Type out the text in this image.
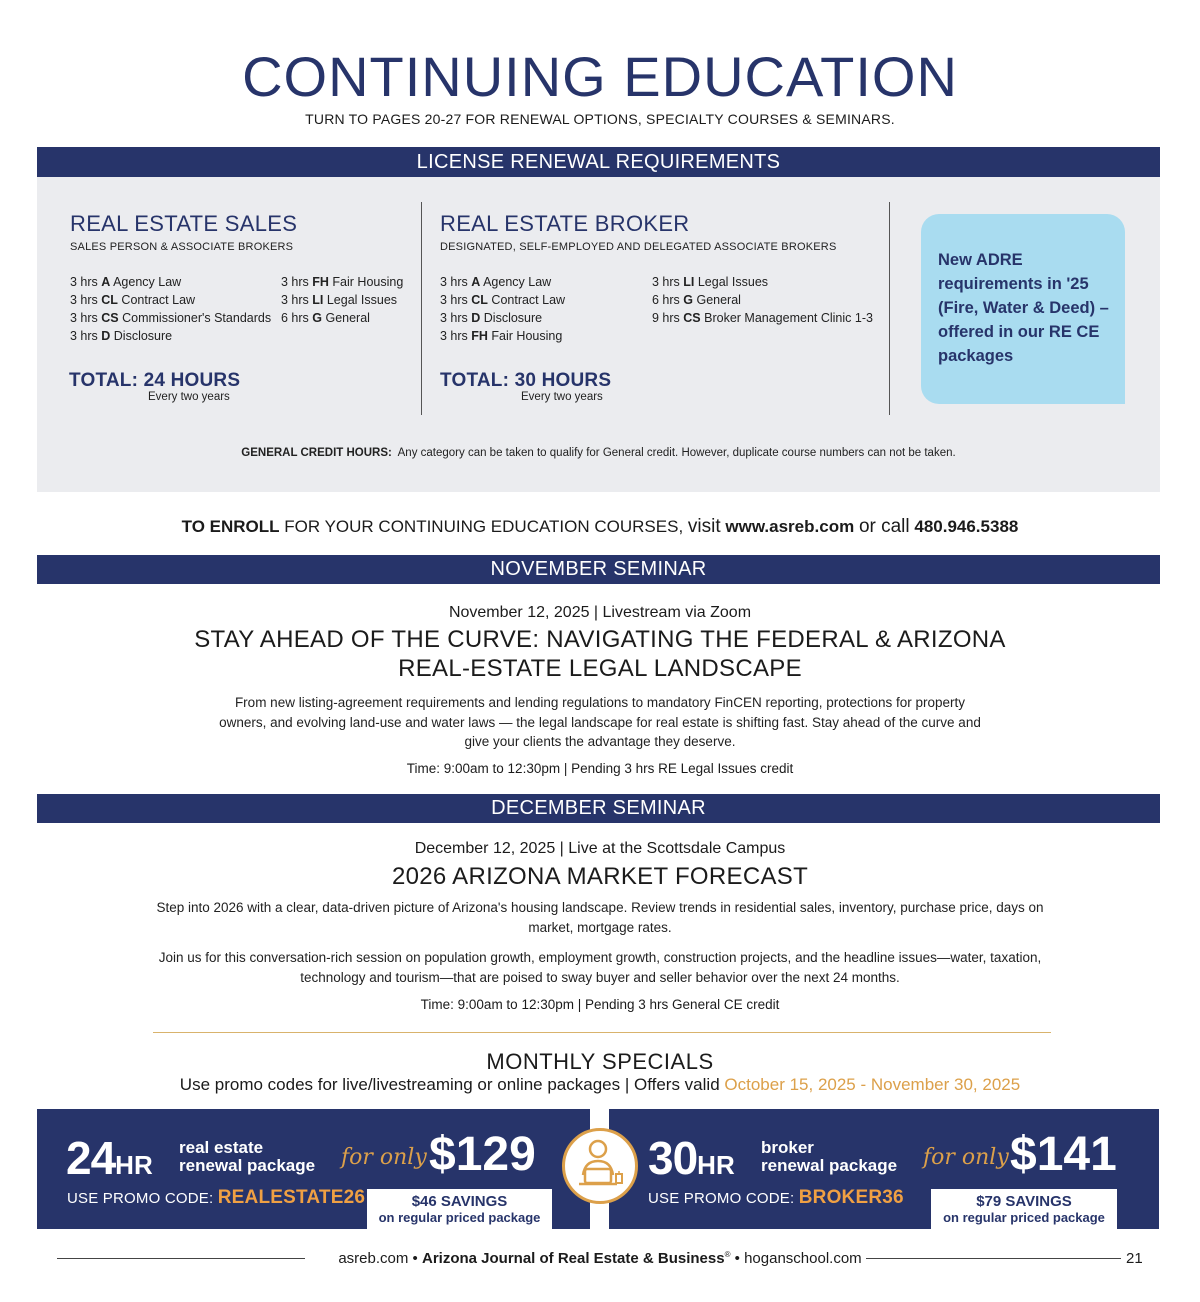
CONTINUING EDUCATION
TURN TO PAGES 20-27 FOR RENEWAL OPTIONS, SPECIALTY COURSES & SEMINARS.
LICENSE RENEWAL REQUIREMENTS
REAL ESTATE SALES
SALES PERSON & ASSOCIATE BROKERS
3 hrs A Agency Law
3 hrs CL Contract Law
3 hrs CS Commissioner's Standards
3 hrs D Disclosure
3 hrs FH Fair Housing
3 hrs LI Legal Issues
6 hrs G General
TOTAL: 24 HOURS
Every two years
REAL ESTATE BROKER
DESIGNATED, SELF-EMPLOYED AND DELEGATED ASSOCIATE BROKERS
3 hrs A Agency Law
3 hrs CL Contract Law
3 hrs D Disclosure
3 hrs FH Fair Housing
3 hrs LI Legal Issues
6 hrs G General
9 hrs CS Broker Management Clinic 1-3
TOTAL: 30 HOURS
Every two years
New ADRE requirements in '25 (Fire, Water & Deed) – offered in our RE CE packages
GENERAL CREDIT HOURS: Any category can be taken to qualify for General credit. However, duplicate course numbers can not be taken.
TO ENROLL FOR YOUR CONTINUING EDUCATION COURSES, visit www.asreb.com or call 480.946.5388
NOVEMBER SEMINAR
November 12, 2025 | Livestream via Zoom
STAY AHEAD OF THE CURVE: NAVIGATING THE FEDERAL & ARIZONA
REAL-ESTATE LEGAL LANDSCAPE
From new listing-agreement requirements and lending regulations to mandatory FinCEN reporting, protections for property owners, and evolving land-use and water laws — the legal landscape for real estate is shifting fast. Stay ahead of the curve and give your clients the advantage they deserve.
Time: 9:00am to 12:30pm | Pending 3 hrs RE Legal Issues credit
DECEMBER SEMINAR
December 12, 2025 | Live at the Scottsdale Campus
2026 ARIZONA MARKET FORECAST
Step into 2026 with a clear, data-driven picture of Arizona's housing landscape. Review trends in residential sales, inventory, purchase price, days on market, mortgage rates.
Join us for this conversation-rich session on population growth, employment growth, construction projects, and the headline issues—water, taxation, technology and tourism—that are poised to sway buyer and seller behavior over the next 24 months.
Time: 9:00am to 12:30pm | Pending 3 hrs General CE credit
MONTHLY SPECIALS
Use promo codes for live/livestreaming or online packages | Offers valid October 15, 2025 - November 30, 2025
24HR
real estate
renewal package for only $129
USE PROMO CODE: REALESTATE26	$46 SAVINGS
on regular priced package
30HR
broker
renewal package for only $141
USE PROMO CODE: BROKER36	$79 SAVINGS
on regular priced package
asreb.com • Arizona Journal of Real Estate & Business® • hoganschool.com	21
